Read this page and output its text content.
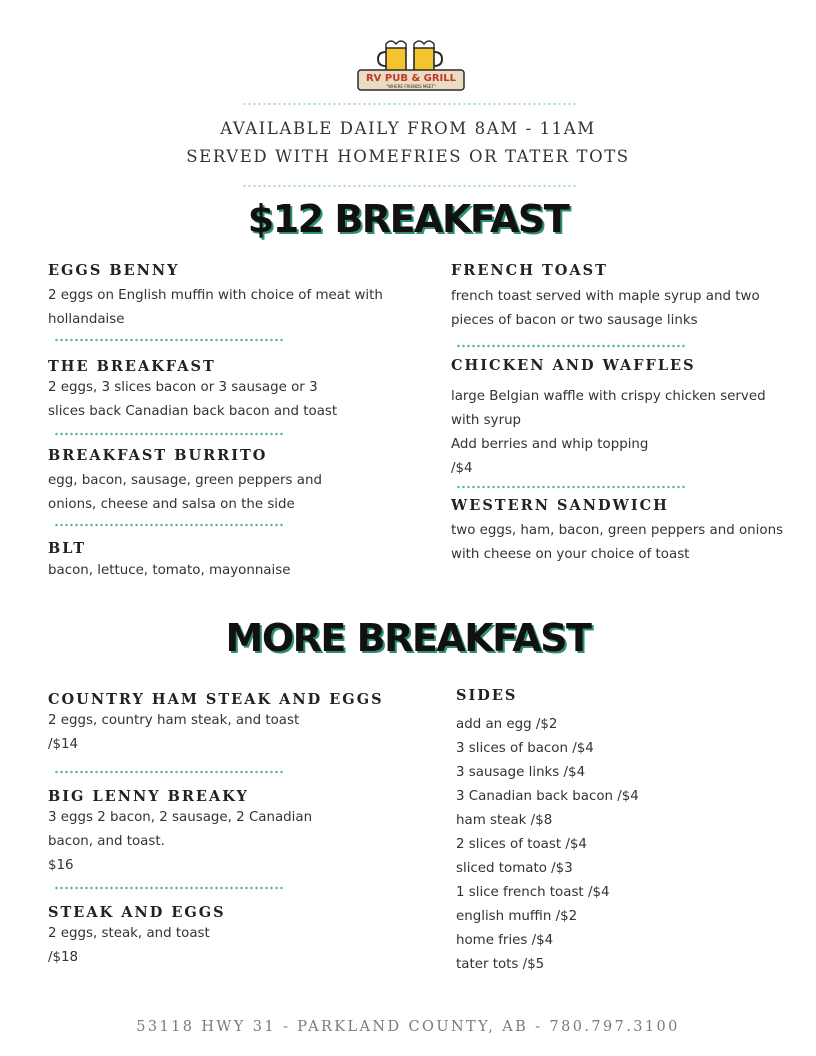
RV PUB & GRILL
"WHERE FRIENDS MEET"
AVAILABLE DAILY FROM 8AM - 11AM
SERVED WITH HOMEFRIES OR TATER TOTS
$12 BREAKFAST
EGGS BENNY
2 eggs on English muffin with choice of meat with
hollandaise
THE BREAKFAST
2 eggs, 3 slices bacon or 3 sausage or 3
slices back Canadian back bacon and toast
BREAKFAST BURRITO
egg, bacon, sausage, green peppers and
onions, cheese and salsa on the side
BLT
bacon, lettuce, tomato, mayonnaise
FRENCH TOAST
french toast served with maple syrup and two
pieces of bacon or two sausage links
CHICKEN AND WAFFLES
large Belgian waffle with crispy chicken served
with syrup
Add berries and whip topping
/$4
WESTERN SANDWICH
two eggs, ham, bacon, green peppers and onions
with cheese on your choice of toast
MORE BREAKFAST
COUNTRY HAM STEAK AND EGGS
2 eggs, country ham steak, and toast
/$14
BIG LENNY BREAKY
3 eggs 2 bacon, 2 sausage, 2 Canadian
bacon, and toast.
$16
STEAK AND EGGS
2 eggs, steak, and toast
/$18
SIDES
add an egg /$2
3 slices of bacon /$4
3 sausage links /$4
3 Canadian back bacon /$4
ham steak /$8
2 slices of toast /$4
sliced tomato /$3
1 slice french toast /$4
english muffin /$2
home fries /$4
tater tots /$5
53118 HWY 31 - PARKLAND COUNTY, AB - 780.797.3100
